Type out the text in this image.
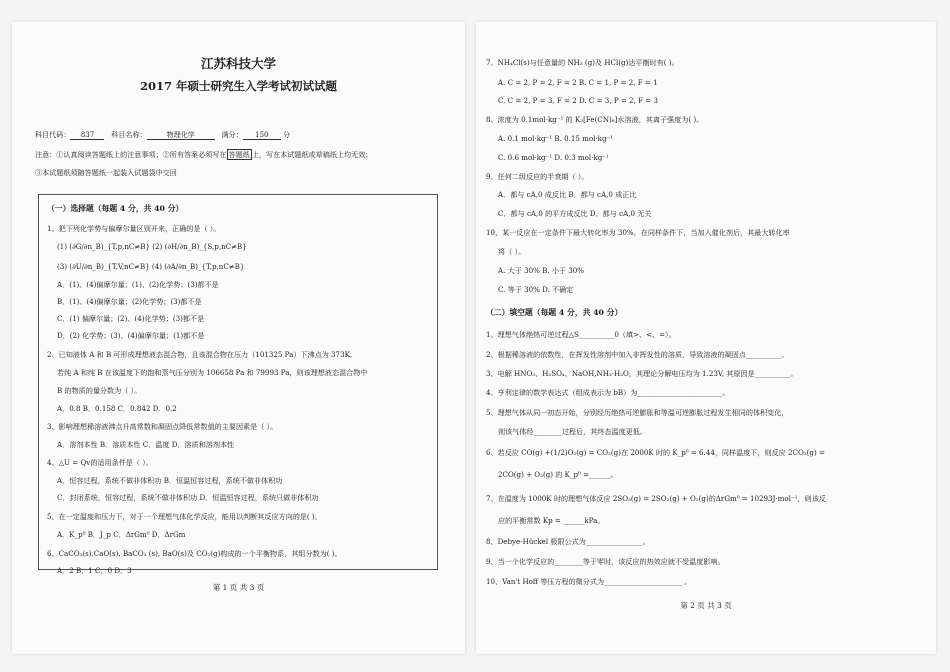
江苏科技大学
2017 年硕士研究生入学考试初试试题
科目代码： 837 科目名称：	物理化学	满分： 150 分
注意：①认真阅读答题纸上的注意事项；②所有答案必须写在 答题纸 上，写在本试题纸或草稿纸上均无效；
③本试题纸须随答题纸一起装入试题袋中交回
（一）选择题（每题 4 分，共 40 分）
1、把下列化学势与偏摩尔量区别开来，正确的是（ ）。
(1) (∂G/∂n_B)_{T,p,nC≠B} (2) (∂H/∂n_B)_{S,p,nC≠B}
(3) (∂U/∂n_B)_{T,V,nC≠B} (4) (∂A/∂n_B)_{T,p,nC≠B}
A．(1)、(4)偏摩尔量；(1)、(2)化学势；(3)都不是
B．(1)、(4)偏摩尔量；(2)化学势；(3)都不是
C．(1) 偏摩尔量；(2)、(4)化学势；(3)都不是
D．(2) 化学势；(3)、(4)偏摩尔量；(1)都不是
2、已知液体 A 和 B 可形成理想液态混合物，且该混合物在压力（101325 Pa）下沸点为 373K,
若纯 A 和纯 B 在该温度下的饱和蒸气压分别为 106658 Pa 和 79993 Pa，则该理想液态混合物中
B 的物质的量分数为（ ）。
A．0.8 B．0.158 C．0.842 D．0.2
3、影响理想稀溶液沸点升高常数和凝固点降低常数值的主要因素是（ ）。
A．溶剂本性 B．溶质本性 C．温度 D．溶质和溶剂本性
4、△U = Qv的适用条件是（ ）。
A．恒容过程，系统不做非体积功 B．恒温恒容过程，系统不做非体积功
C．封闭系统，恒容过程，系统不做非体积功 D．恒温恒容过程，系统只做非体积功
5、在一定温度和压力下，对于一个理想气体化学反应，能用以判断其反应方向的是( )。
A．K_p⁰ B．J_p C．ΔrGm⁰ D．ΔrGm
6、CaCO₃(s),CaO(s), BaCO₃ (s), BaO(s)及 CO₂(g)构成的一个平衡物系，其组分数为( )。
A．2 B．1 C．0 D．3
第 1 页 共 3 页
7、NH₄Cl(s)与任意量的 NH₃ (g)及 HCl(g)达平衡时有( )。
A. C = 2, P = 2, F = 2 B. C = 1, P = 2, F = 1
C. C = 2, P = 3, F = 2 D. C = 3, P = 2, F = 3
8、浓度为 0.1mol·kg⁻¹ 的 K₃[Fe(CN)₆]水溶液，其离子强度为( )。
A. 0.1 mol·kg⁻¹ B. 0.15 mol·kg⁻¹
C. 0.6 mol·kg⁻¹ D. 0.3 mol·kg⁻¹
9、任何二级反应的半衰期（ ）。
A．都与 cA,0 成反比 B．都与 cA,0 成正比
C．都与 cA,0 的平方成反比 D．都与 cA,0 无关
10、某一反应在一定条件下最大转化率为 30%，在同样条件下，当加入催化剂后，其最大转化率
将（ ）。
A. 大于 30% B. 小于 30%
C. 等于 30% D. 不确定
（二）填空题（每题 4 分，共 40 分）
1、理想气体绝热可逆过程△S__________0（填>、<、=）。
2、根据稀溶液的依数性，在挥发性溶剂中加入非挥发性的溶质，导致溶液的凝固点__________。
3、电解 HNO₃、H₂SO₄、NaOH,NH₃·H₂O，其理论分解电压均为 1.23V, 其原因是__________。
4、亨利定律的数学表达式（组成表示为 bB）为________________________。
5、理想气体从同一初态开始，分别经历绝热可逆膨胀和等温可逆膨胀过程发生相同的体积变化，
则该气体经________过程后，其终态温度更低。
6、若反应 CO(g) +(1/2)O₂(g) = CO₂(g)在 2000K 时的 K_p⁰ = 6.44，同样温度下，则反应 2CO₂(g) =
2CO(g) + O₂(g) 的 K_p⁰ =______。
7、在温度为 1000K 时的理想气体反应 2SO₃(g) = 2SO₂(g) + O₂(g)的ΔrGm⁰ = 10293J·mol⁻¹，则该反
应的平衡常数 Kp = ______kPa。
8、Debye-Hückel 极限公式为________________。
9、当一个化学反应的________等于零时，该反应的热效应就不受温度影响。
10、Van't Hoff 等压方程的微分式为______________________ 。
第 2 页 共 3 页
